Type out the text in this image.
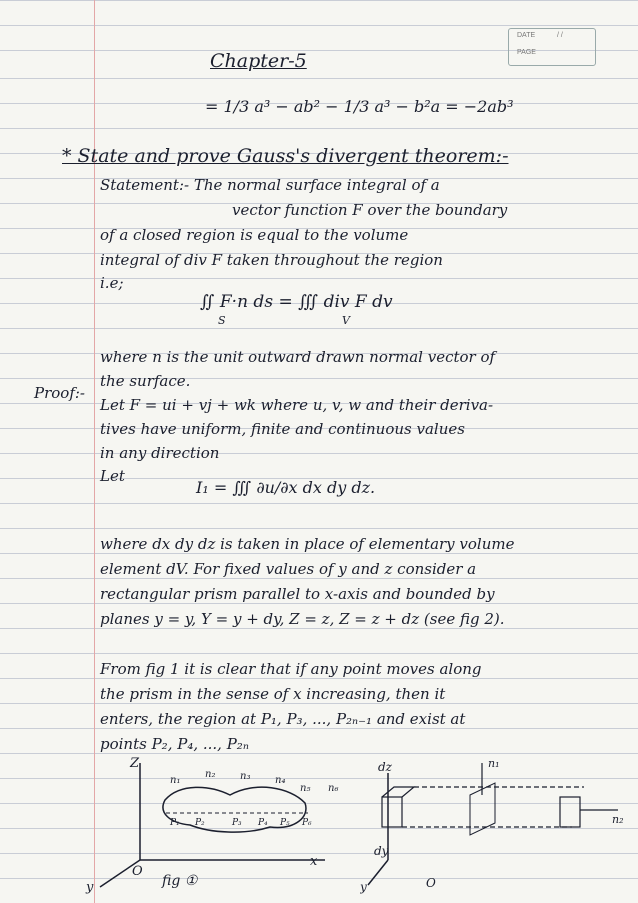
DATE	/ /
PAGE
Chapter-5
= 1/3 a³ − ab² − 1/3 a³ − b²a = −2ab³
* State and prove Gauss's divergent theorem:-
Statement:- The normal surface integral of a
vector function F over the boundary
of a closed region is equal to the volume
integral of div F taken throughout the region
i.e;
∬ F·n ds = ∭ div F dv
S	V
where n is the unit outward drawn normal vector of
the surface.
Proof:-
Let F = ui + vj + wk where u, v, w and their deriva-
tives have uniform, finite and continuous values
in any direction
Let
I₁ = ∭ ∂u/∂x dx dy dz.
where dx dy dz is taken in place of elementary volume
element dV. For fixed values of y and z consider a
rectangular prism parallel to x-axis and bounded by
planes y = y, Y = y + dy, Z = z, Z = z + dz (see fig 2).
From fig 1 it is clear that if any point moves along
the prism in the sense of x increasing, then it
enters, the region at P₁, P₃, ..., P₂ₙ₋₁ and exist at
points P₂, P₄, ..., P₂ₙ
Z
x
y
O
fig ①
n₁
n₂ n₃ n₄
n₅ n₆
P₁ P₂	P₃ P₄ P₅ P₆
dz
dy
y	O
n₁
n₂
